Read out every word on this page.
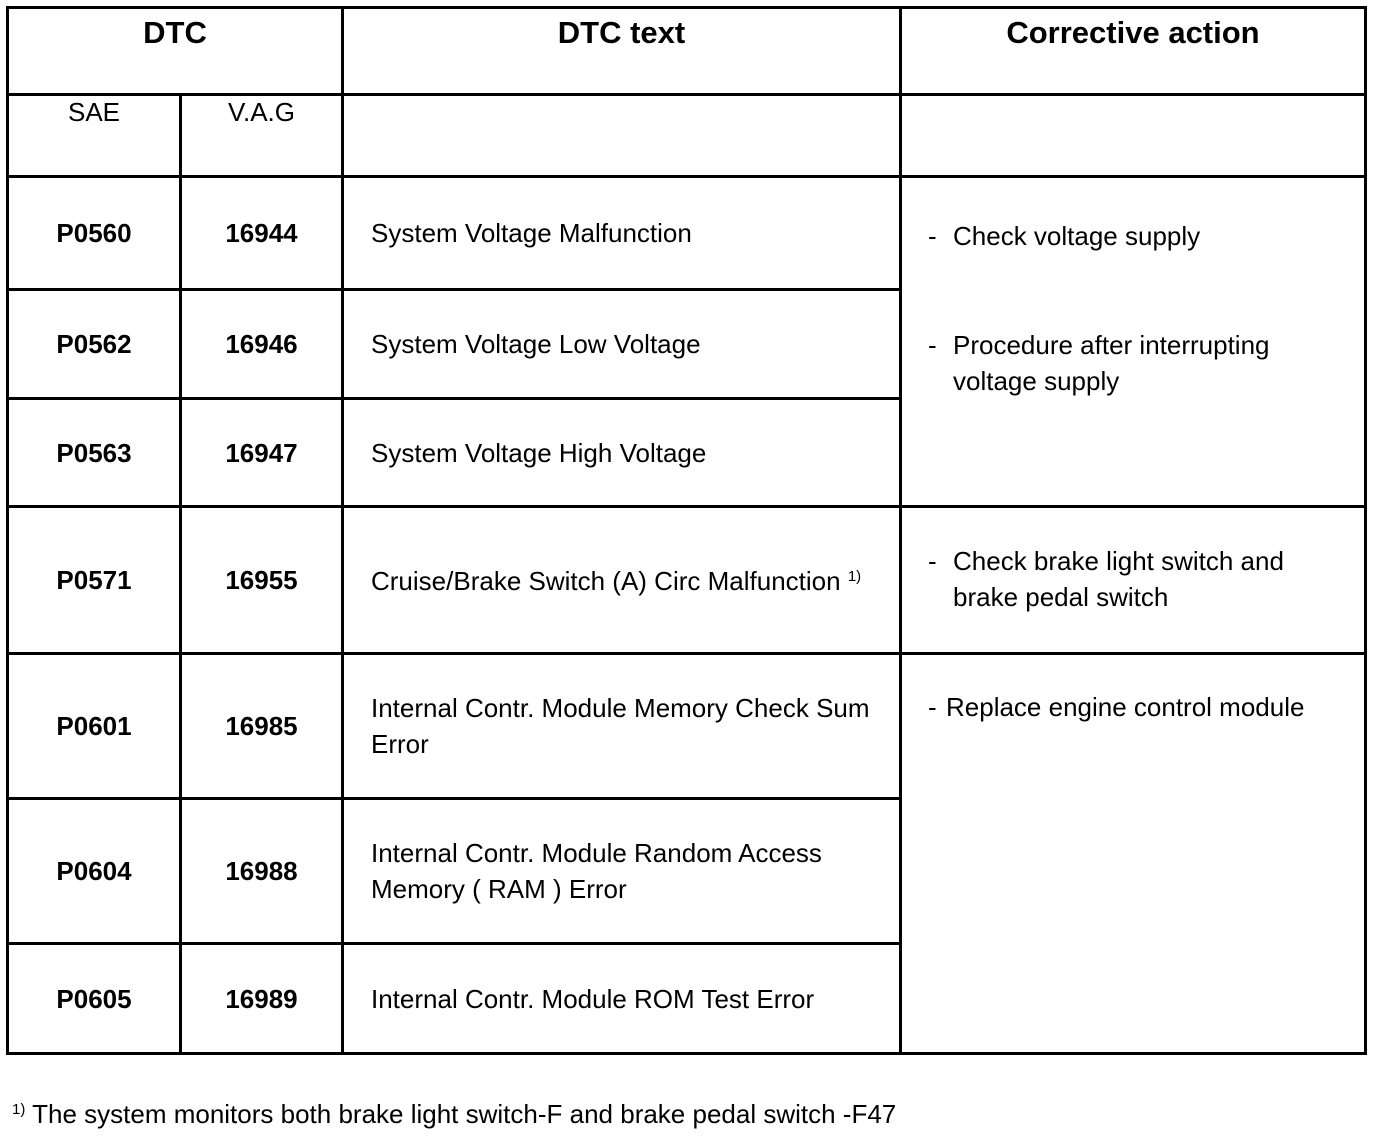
DTC		DTC text	Corrective action
SAE	V.A.G		
P0560	16944	System Voltage Malfunction	- Check voltage supply
- Procedure after interrupting voltage supply

P0562	16946	System Voltage Low Voltage	
P0563	16947	System Voltage High Voltage	
P0571	16955	Cruise/Brake Switch (A) Circ Malfunction $^{1)}$	- Check brake light switch and brake pedal switch

P0601	16985	Internal Contr. Module Memory Check Sum Error	- Replace engine control module

P0604	16988	Internal Contr. Module Random Access Memory ( RAM ) Error	
P0605	16989	Internal Contr. Module ROM Test Error	
$^{1)}$ The system monitors both brake light switch-F and brake pedal switch -F47
